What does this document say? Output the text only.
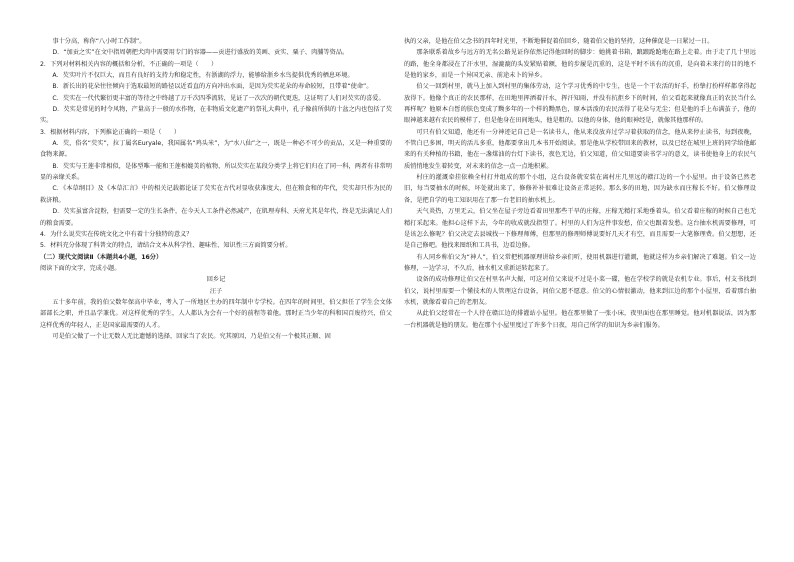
事十分高，称你“八小时工作制”。

D．“加贡之实”在文中指周朝把犬肉中需要用专门的容器——贡进行盛放的美画、贡实、粟子、肉脯等资品。

2．下列对材料相关内容的概括和分析，不正确的一项是（　　）

A．芡实叶片不仅巨大，而且有良好的支持力和稳定性，有浙湖的浮力，能够给浙乡水鸟提供优秀的栖息环境。

B．新长出的花朵往往倾向于选取最短的路径以近看直的方向冲出水面，是因为芡实花朵的寿命较短，且带着“使命”。

C．芡实在一代代繁衍更丰富的等待之中终越了万千次四季流转，见证了一次次的朝代更迭，这证明了人们对芡实的喜爱。

D．芡实是常见的时令风物，产量高于一般的水作物，在非物质文化遗产的祭礼大典中，孔子像前所供的十盆之内也包括了芡实。

3．根据材料内容，下列推论正确的一项是（　　）

A．芡，俗名“芡实”，拉丁属名Euryale，我国属名“鸡头米”，为“水八仙”之一，既是一种必不可少的贡品，又是一种重要的食物来源。

B．芡实与王莲非常相似，是体型唯一能和王莲相媲美的植物，所以芡实在某段分类学上将它们归在了同一科，两者有非常明显的亲缘关系。

C．《本草纲目》及《本草汇言》中的相关记载都论证了芡实在古代对显收获准度大，但在粮食和的年代，芡实却只作为民的救济粮。

D．芡实虽富含淀粉，但需要一定的生长条件，在今天人工条件必然减产，在肌理寿科、天府尤其是年代，终是无法满足人们的粮食需要。

4．为什么说芡实在传统文化之中有着十分独特的意义？

5．材料充分体现了科普文的特点，请结合文本从科学性、趣味性、知识性三方面简要分析。

（二）现代文阅读Ⅱ（本题共4小题，16分）

阅读下面的文字，完成小题。

回乡记

汪子

五十多年前，我的伯父数年保高中毕业，考入了一所地区主办的四年制中专学校。在四年的时间里，伯父担任了学生会文体部部长之职，并且品学兼优。对这样优秀的学生，人人都认为会有一个好的前程等着他。那时正当少年的科和国百废待兴，伯父这样优秀的年轻人，正是国家最需要的人才。

可是伯父做了一个让无数人无比遗憾的选择，回家当了农民。究其原因，乃是伯父有一个极其正顺、固

执的父亲，是他在伯父念书的四年时光里，不断地催促着伯回乡，随着伯父他的坚持，这种催促是一日紧过一日。

那条联系着故乡与远方的无名公路见证你依然记得他回时的脚步：她挑着书箱，踉踉跄跄地在路上走着。由于走了几十里远的路，他全身都浸在了汗水里，湿漉漉的头发紧贴着额，他的步履是沉重的，这是平时不该有的沉重，是向着未来行的目的地不是他的家乡，而是一个异国无亲、前途未卜的异乡。

伯父一回到村里，就马上加入到村里的集体劳动，这个学习优秀的中专生，也是一个干农活的好手，扮挚打扮样样都拿得起放得下。他像个真正的农民那样，在田地里挥洒着汗水，挥汗知雨，并没有抗拒乡下的时间，伯父看起来就像真正的农民当什么再样呢？他原本白皙的肤色变成了黝多年的一个样的黝黑色，原本活泼的农民活得了花朵与无尘；但是他的手上布满茧子，他的眼神越来越有农民的模样了，但是他身在田间地头，他是粗的。以他的身体，他的眼神经是，就像其他那样的。

可只有伯父知道，他还有一分神迹记自己是一名读书人，他从来没放弃过学习着获取的信念，他从来停止读书，每到夜晚，不管白已多困，明天的活儿多重，他都要拿出几本书开始阅读。那是他从学校带回来的教材，以及已经在城里上班的同学给他邮来的有关种植的书籍，他在一盏煤油的台灯下读书，夜色无边，伯父知道，伯父知道要读书学习的意义，读书使他身上的农民气质悄悄地发生着转变，对未来的信念一点一点地积累。

村庄的灌溉牵挂依赖全村打井组成的那个小组，这台设备就安装在离村庄几里远的赣江边的一个小屋里。由于设备已然老旧，每当要抽水的时候，坏处就出来了，修修补补很难让设备正常运转。那么多的田地，因为缺水而庄稼长不好。伯父修理设备，是把自学的电工知识用在了那一台老旧的抽水机上。

天气炎热，万里无云，伯父坐在屋子旁边看着田里那些干旱的庄稼，庄稼无精打采地垂着头，伯父看着庄稼的时候自己也无精打采起来。他担心这样下去，今年的收成就没指望了。村里的人们为这件事发愁，伯父也跟着发愁。这台抽水机需要修理，可是该怎么修呢？伯父决定去县城找一下修理师傅，但那里的修理师傅说要好几天才有空，而且需要一大笔修理费。伯父想想，还是自己修吧。他找来图纸和工具书，边看边修。

有人同乡称伯父为“神人”，伯父常把机器原理讲给乡亲们听，使用机器进行灌溉，他就这样为乡亲们解决了难题。伯父一边修理，一边学习，不久后，抽水机又重新运转起来了。

设备的成功修理让伯父在村里名声大振，可这对伯父来说不过是小菜一碟，他在学校学的就是农机专业。事后，村支书找到伯父，说村里需要一个懂技术的人管理这台设备，问伯父愿不愿意。伯父的心情很激动，他来到江边的那个小屋里，看着那台抽水机，就像看着自己的老朋友。

从此伯父经常在一个人待在赣江边的排灌站小屋里。他在那里做了一张小床，夜里面也在那里睡觉。他对机器说话，因为那一台机器就是他的朋友。他在那个小屋里度过了许多个日夜，用自己所学的知识为乡亲们服务。
